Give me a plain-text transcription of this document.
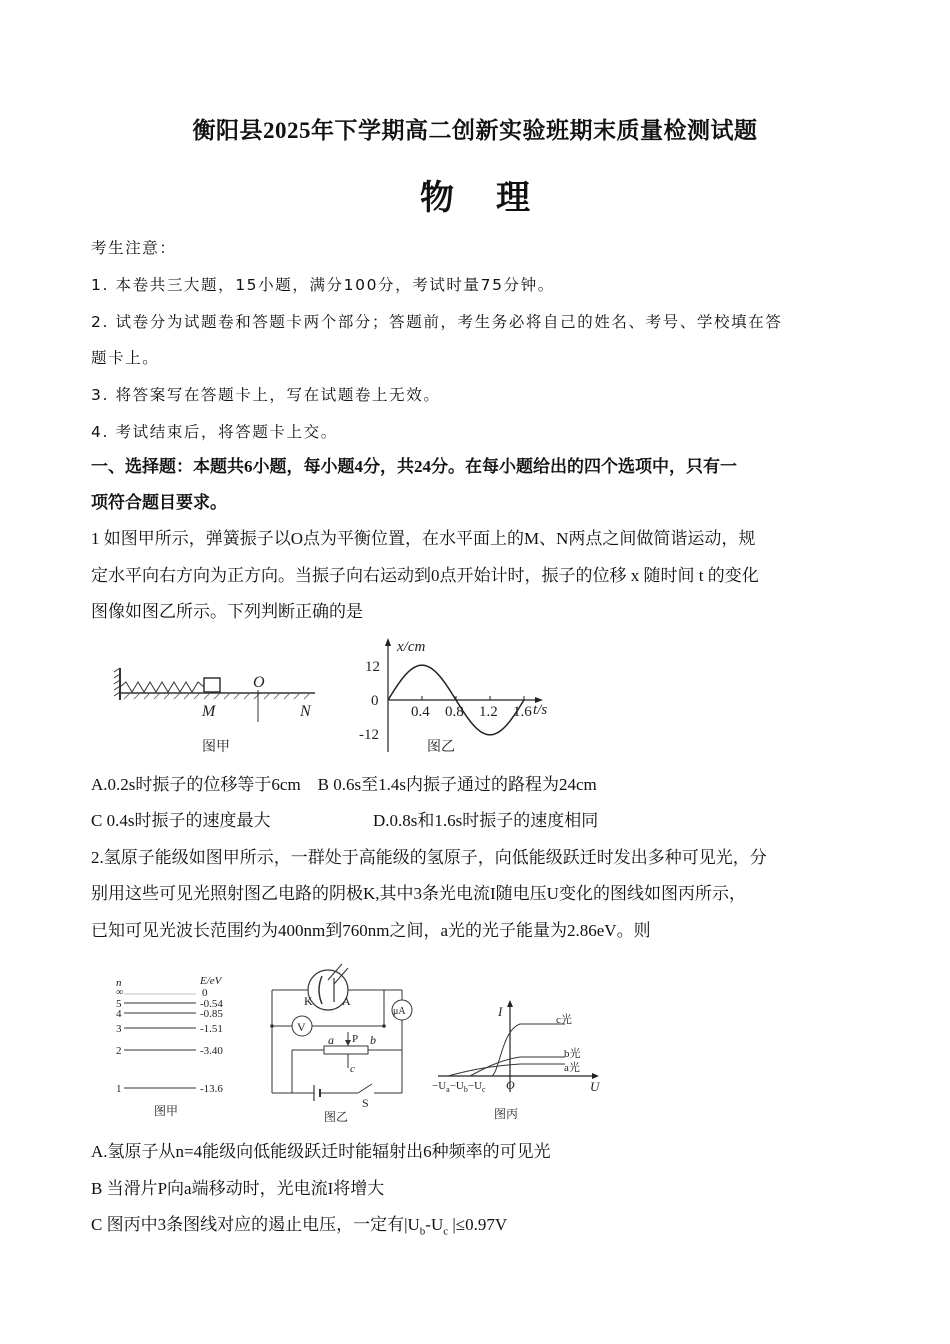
衡阳县2025年下学期高二创新实验班期末质量检测试题
物理
考生注意：
1. 本卷共三大题，15小题，满分100分，考试时量75分钟。
2. 试卷分为试题卷和答题卡两个部分；答题前，考生务必将自己的姓名、考号、学校填在答
题卡上。
3. 将答案写在答题卡上，写在试题卷上无效。
4. 考试结束后，将答题卡上交。
一、选择题：本题共6小题，每小题4分，共24分。在每小题给出的四个选项中，只有一
项符合题目要求。
1 如图甲所示，弹簧振子以O点为平衡位置，在水平面上的M、N两点之间做简谐运动，规
定水平向右方向为正方向。当振子向右运动到0点开始计时，振子的位移 x 随时间 t 的变化
图像如图乙所示。下列判断正确的是
O
M	N
图甲
x/cm
t/s
12
0
-12
0.4 0.8 1.2 1.6
图乙
A.0.2s时振子的位移等于6cm B 0.6s至1.4s内振子通过的路程为24cm
C 0.4s时振子的速度最大	D.0.8s和1.6s时振子的速度相同
2.氢原子能级如图甲所示，一群处于高能级的氢原子，向低能级跃迁时发出多种可见光，分
别用这些可见光照射图乙电路的阴极K,其中3条光电流I随电压U变化的图线如图丙所示，
已知可见光波长范围约为400nm到760nm之间，a光的光子能量为2.86eV。则
n
∞
E/eV
0
5	-0.54
4	-0.85
3	-1.51
2	-3.40
1	-13.6
图甲
K A
μA
V
a P b
c
S
图乙
I
U
O
c光
b光
a光
$-U_a-U_b-U_c$
图丙
A.氢原子从n=4能级向低能级跃迁时能辐射出6种频率的可见光
B 当滑片P向a端移动时，光电流I将增大
C 图丙中3条图线对应的遏止电压，一定有$|U_b-U_c$ |≤0.97V
